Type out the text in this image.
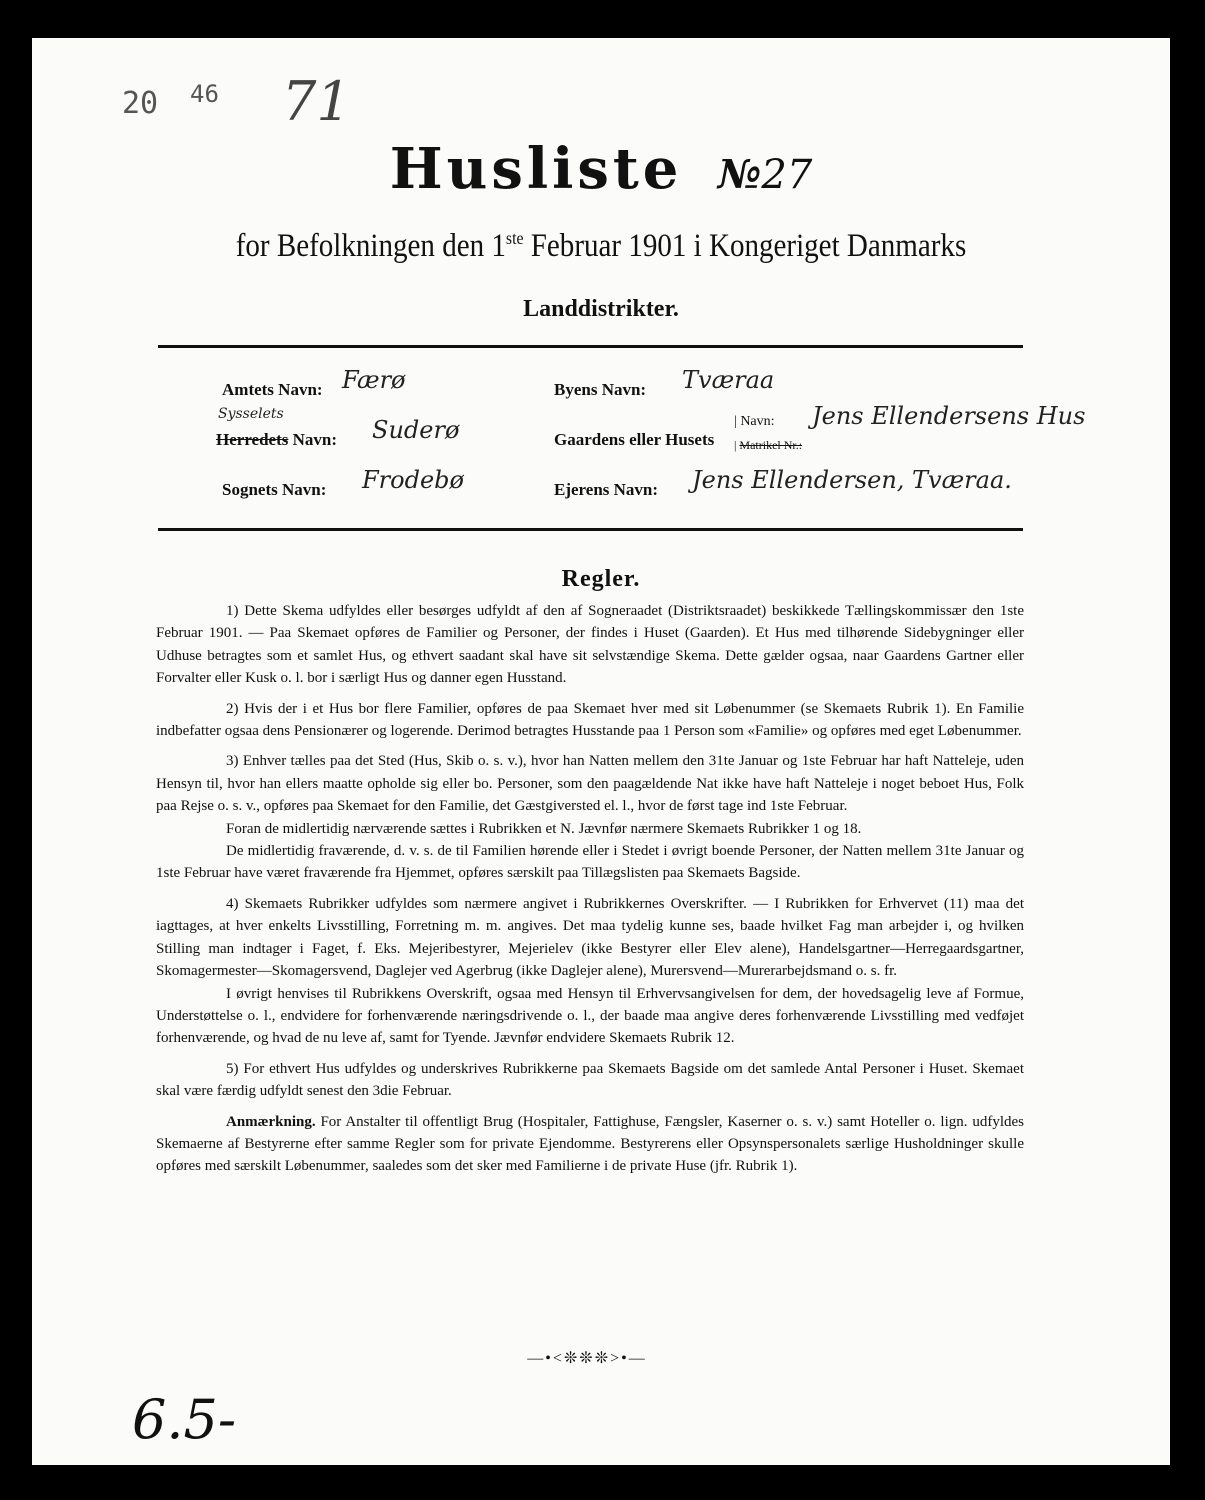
20 46 71
Husliste №27
for Befolkningen den 1ste Februar 1901 i Kongeriget Danmarks
Landdistrikter.
Amtets Navn: Færø
Herredets Navn:
Sysselets
Suderø
Sognets Navn: Frodebø
Byens Navn: Tværaa
Gaardens eller Husets
| Navn:
| Matrikel Nr.:
Jens Ellendersens Hus
Ejerens Navn: Jens Ellendersen, Tværaa.
Regler.

1) Dette Skema udfyldes eller besørges udfyldt af den af Sogneraadet (Distriktsraadet) beskikkede Tællingskommissær den 1ste Februar 1901. — Paa Skemaet opføres de Familier og Personer, der findes i Huset (Gaarden). Et Hus med tilhørende Sidebygninger eller Udhuse betragtes som et samlet Hus, og ethvert saadant skal have sit selvstændige Skema. Dette gælder ogsaa, naar Gaardens Gartner eller Forvalter eller Kusk o. l. bor i særligt Hus og danner egen Husstand.

2) Hvis der i et Hus bor flere Familier, opføres de paa Skemaet hver med sit Løbenummer (se Skemaets Rubrik 1). En Familie indbefatter ogsaa dens Pensionærer og logerende. Derimod betragtes Husstande paa 1 Person som «Familie» og opføres med eget Løbenummer.

3) Enhver tælles paa det Sted (Hus, Skib o. s. v.), hvor han Natten mellem den 31te Januar og 1ste Februar har haft Natteleje, uden Hensyn til, hvor han ellers maatte opholde sig eller bo. Personer, som den paagældende Nat ikke have haft Natteleje i noget beboet Hus, Folk paa Rejse o. s. v., opføres paa Skemaet for den Familie, det Gæstgiversted el. l., hvor de først tage ind 1ste Februar.

Foran de midlertidig nærværende sættes i Rubrikken et N. Jævnfør nærmere Skemaets Rubrikker 1 og 18.

De midlertidig fraværende, d. v. s. de til Familien hørende eller i Stedet i øvrigt boende Personer, der Natten mellem 31te Januar og 1ste Februar have været fraværende fra Hjemmet, opføres særskilt paa Tillægslisten paa Skemaets Bagside.

4) Skemaets Rubrikker udfyldes som nærmere angivet i Rubrikkernes Overskrifter. — I Rubrikken for Erhvervet (11) maa det iagttages, at hver enkelts Livsstilling, Forretning m. m. angives. Det maa tydelig kunne ses, baade hvilket Fag man arbejder i, og hvilken Stilling man indtager i Faget, f. Eks. Mejeribestyrer, Mejerielev (ikke Bestyrer eller Elev alene), Handelsgartner—Herregaardsgartner, Skomagermester—Skomagersvend, Daglejer ved Agerbrug (ikke Daglejer alene), Murersvend—Murerarbejdsmand o. s. fr.

I øvrigt henvises til Rubrikkens Overskrift, ogsaa med Hensyn til Erhvervsangivelsen for dem, der hovedsagelig leve af Formue, Understøttelse o. l., endvidere for forhenværende næringsdrivende o. l., der baade maa angive deres forhenværende Livsstilling med vedføjet forhenværende, og hvad de nu leve af, samt for Tyende. Jævnfør endvidere Skemaets Rubrik 12.

5) For ethvert Hus udfyldes og underskrives Rubrikkerne paa Skemaets Bagside om det samlede Antal Personer i Huset. Skemaet skal være færdig udfyldt senest den 3die Februar.

Anmærkning. For Anstalter til offentligt Brug (Hospitaler, Fattighuse, Fængsler, Kaserner o. s. v.) samt Hoteller o. lign. udfyldes Skemaerne af Bestyrerne efter samme Regler som for private Ejendomme. Bestyrerens eller Opsynspersonalets særlige Husholdninger skulle opføres med særskilt Løbenummer, saaledes som det sker med Familierne i de private Huse (jfr. Rubrik 1).

—•<❊❊❊>•—
6.5-
